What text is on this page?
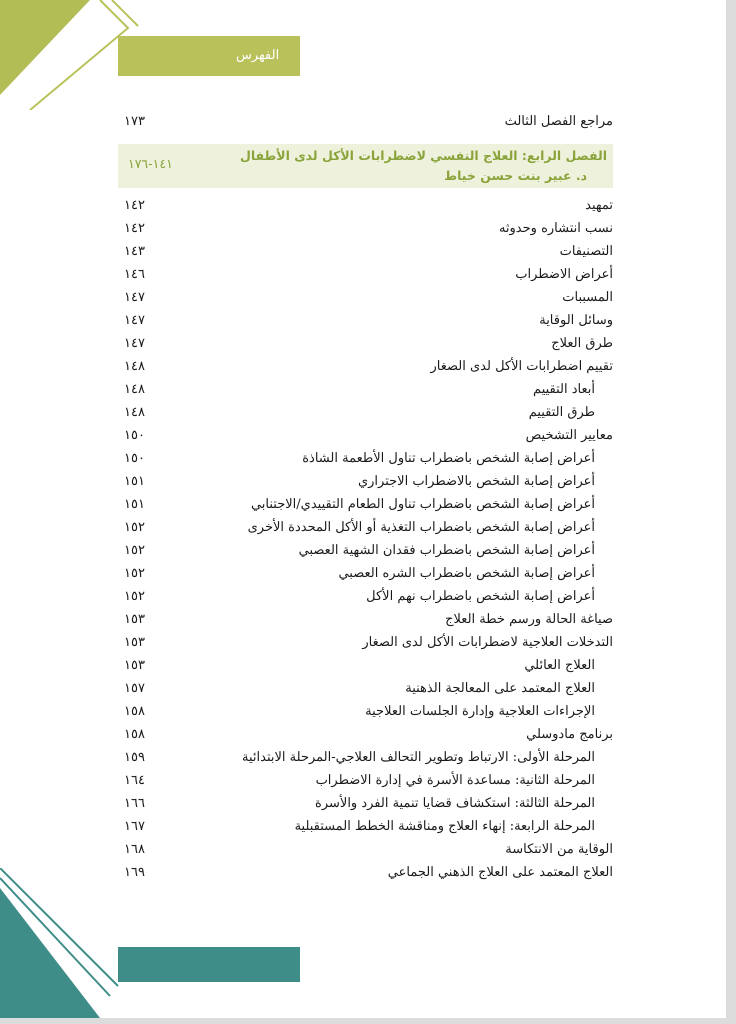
الفهرس
مراجع الفصل الثالث
١٧٣
الفصل الرابع: العلاج النفسي لاضطرابات الأكل لدى الأطفال
د. عبير بنت حسن خياط
١٤١-١٧٦
تمهيد
١٤٢
نسب انتشاره وحدوثه
١٤٢
التصنيفات
١٤٣
أعراض الاضطراب
١٤٦
المسببات
١٤٧
وسائل الوقاية
١٤٧
طرق العلاج
١٤٧
تقييم اضطرابات الأكل لدى الصغار
١٤٨
أبعاد التقييم
١٤٨
طرق التقييم
١٤٨
معايير التشخيص
١٥٠
أعراض إصابة الشخص باضطراب تناول الأطعمة الشاذة
١٥٠
أعراض إصابة الشخص بالاضطراب الاجتراري
١٥١
أعراض إصابة الشخص باضطراب تناول الطعام التقييدي/الاجتنابي
١٥١
أعراض إصابة الشخص باضطراب التغذية أو الأكل المحددة الأخرى
١٥٢
أعراض إصابة الشخص باضطراب فقدان الشهية العصبي
١٥٢
أعراض إصابة الشخص باضطراب الشره العصبي
١٥٢
أعراض إصابة الشخص باضطراب نهم الأكل
١٥٢
صياغة الحالة ورسم خطة العلاج
١٥٣
التدخلات العلاجية لاضطرابات الأكل لدى الصغار
١٥٣
العلاج العائلي
١٥٣
العلاج المعتمد على المعالجة الذهنية
١٥٧
الإجراءات العلاجية وإدارة الجلسات العلاجية
١٥٨
برنامج مادوسلي
١٥٨
المرحلة الأولى: الارتباط وتطوير التحالف العلاجي-المرحلة الابتدائية
١٥٩
المرحلة الثانية: مساعدة الأسرة في إدارة الاضطراب
١٦٤
المرحلة الثالثة: استكشاف قضايا تنمية الفرد والأسرة
١٦٦
المرحلة الرابعة: إنهاء العلاج ومناقشة الخطط المستقبلية
١٦٧
الوقاية من الانتكاسة
١٦٨
العلاج المعتمد على العلاج الذهني الجماعي
١٦٩
